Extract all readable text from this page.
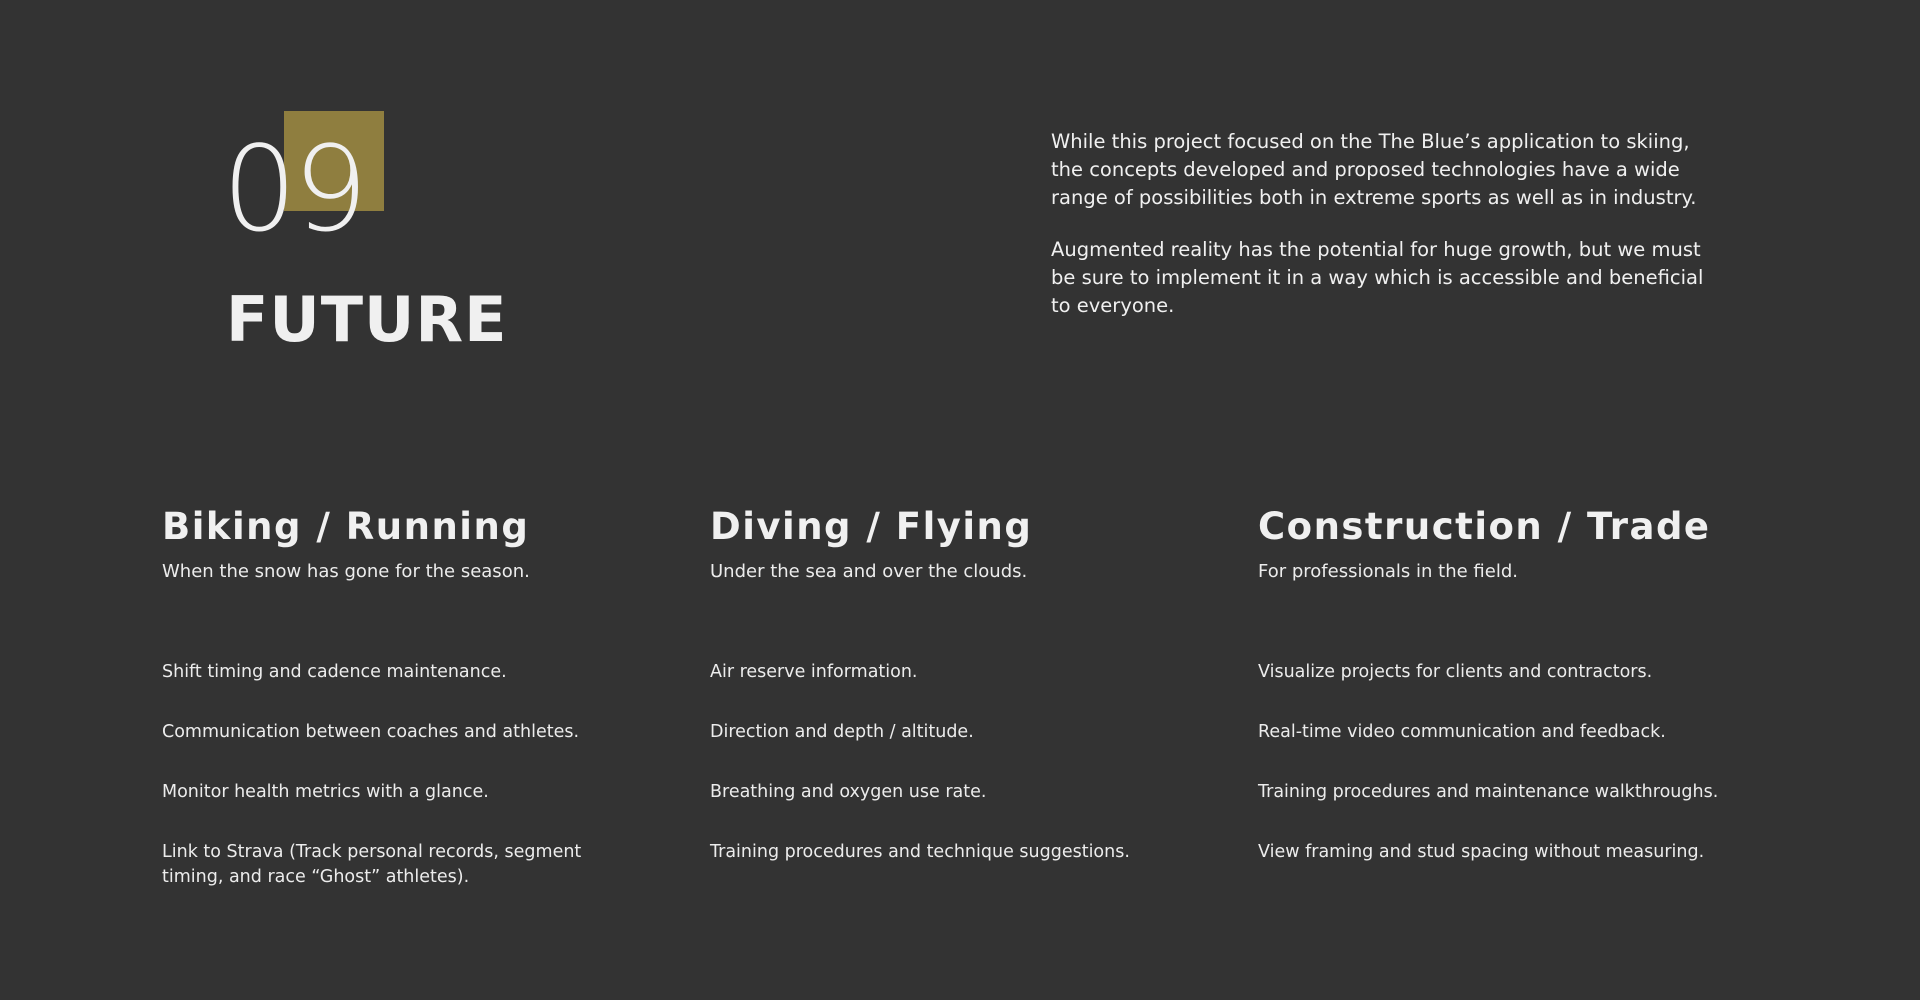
09
FUTURE

While this project focused on the The Blue’s application to skiing, the concepts developed and proposed technologies have a wide range of possibilities both in extreme sports as well as in industry.

Augmented reality has the potential for huge growth, but we must be sure to implement it in a way which is accessible and beneficial to everyone.

Biking / Running

When the snow has gone for the season.

Shift timing and cadence maintenance.
Communication between coaches and athletes.
Monitor health metrics with a glance.
Link to Strava (Track personal records, segment timing, and race “Ghost” athletes).
Diving / Flying

Under the sea and over the clouds.

Air reserve information.
Direction and depth / altitude.
Breathing and oxygen use rate.
Training procedures and technique suggestions.
Construction / Trade

For professionals in the field.

Visualize projects for clients and contractors.
Real-time video communication and feedback.
Training procedures and maintenance walkthroughs.
View framing and stud spacing without measuring.
